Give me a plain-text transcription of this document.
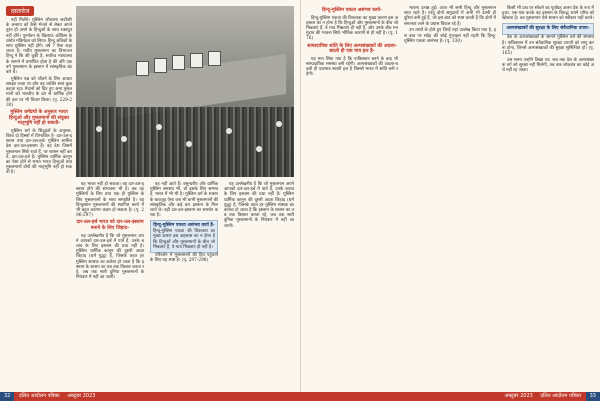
दस्तावेज

नहीं मिलेंगे। मुस्लिम जीवात्मा सर्वोपरि के अन्याय को कैसे भेजते से लेकर अपने तुरंत ही उसने के हिन्दुओं के साथ रक्तपूत नहीं होंगे। पुनर्गठन के खिलाफ ऑफिस के धर्मांत मंत्रिमंडल को लिया। हिन्दू अविकों के साथ मुस्लिम नहीं होंगे। वर्ष ? ऐसा कहा जाता है। गर्वीय मुसलमान का विभाजन हिन्दू ने कि की चुकी है, सर्वोच्च न्यायालय के सामने में प्रमाणित होता है की उनि एक वर्ग मुसलमान के इस्लाम में सांस्कृतिक बंटवारे थे।

मुस्लिम पक्ष को जीतने के लिए आधार समझा जाता था और वह व्यक्ति स्वयं कुछ कहता रहा। मैदानों को दिए हुए अन्य मुसलमानों को भारतीय के ढंग से धार्मिक होने की हक पर भी विचार किया। (पृ. 229-230)

मुस्लिम धर्मग्रंथों के अनुसार भारत हिन्दुओं और मुसलमानों की संयुक्त मातृभूमि नहीं हो सकती-

मुस्लिम धर्म के सिद्धांतों के अनुसार, विश्व दो हिस्सों में विभाजित है- दार-उल-इस्लाम तथा दार-उल-हर्ब। मुस्लिम शासित देश दार-उल-इस्लाम हैं। वह देश जिसमें मुसलमान सिर्फ रहते हैं, पर शासन नहीं करते, दार-उल-हर्ब है। मुस्लिम धार्मिक कानून का ऐसा होने से भारत भारत हिन्दुओं तथा मुसलमानों दोनों की मातृभूमि नहीं हो सकती है।

वह भारत नहीं हो सकता। वह दार-उल-इस्लाम होने की संभावना भी है। तब वह मुस्लिमों के लिए तथा एक ही मुस्लिम के लिए मुसलमानों के साथ समझौते है। वह हिन्दुस्तान मुसलमानों की स्थापित करने में भी बहुत कारगर कदम हो सकता है। (पृ. 296-297)

दार-उल-हर्ब भारत को दार-उल-इस्लाम बनाने के लिए जिहाद-

यह उल्लेखनीय है कि जो मुसलमान अपने आपको दार-उल-हर्ब में पाते हैं, उनके बचाव के लिए इस्लाम की प्रथा नहीं है। मुस्लिम धार्मिक कानून की दूसरी आज्ञा जिहाद (धर्म युद्ध) है, जिसके तहत हर मुस्लिम शासक का कर्तव्य हो जाता है कि इस्लाम के शासन का तब तक विस्तार करता रहे, जब तक सारी दुनिया मुसलमानों के नियंत्रण में नहीं आ जाती।

वह नहीं आते हैं। वसुन्धरीय और धार्मिक मुस्लिम समस्या भी, तो इसके लिए सम्भव है, भारत में भी भी है। मुस्लिम धर्म के शासन के बावजूद ऐसा जब भी कभी मुसलमानों की सांस्कृतिक और कई बार इस्लाम के मिल जाते थे। वही दार-उल-इस्लाम का समर्थन करता है।

हिन्दू-मुस्लिम एकता असंभव कार्य है-
हिन्दू-मुस्लिम एकता की विफलता का मुख्य कारण इस अहसास का न होना है कि हिन्दुओं और मुसलमानों के बीच जो भिन्नताएं हैं, वे मात्र भिन्नताएं ही नहीं हैं।

परिवर्तन में मुसलमानों की हित पहुंचाने के लिए यह स्पष्ट है। (पृ. 297-298)

यह उल्लेखनीय है कि जो मुसलमान अपने आपको दार-उल-हर्ब में पाते हैं, उनके बचाव के लिए इस्लाम की प्रथा नहीं है। मुस्लिम धार्मिक कानून की दूसरी आज्ञा जिहाद (धर्म युद्ध) है, जिसके तहत हर मुस्लिम शासक का कर्तव्य हो जाता है कि इस्लाम के शासन का तब तक विस्तार करता रहे, जब तक सारी दुनिया मुसलमानों के नियंत्रण में नहीं आ जाती।

32 दलित आंदोलन पत्रिका अक्टूबर 2023
हिन्दू-मुस्लिम एकता असंभव कार्य-

हिन्दू-मुस्लिम एकता की विफलता का मुख्य कारण इस अहसास का न होना है कि हिन्दुओं और मुसलमानों के बीच जो भिन्नताएं हैं, वे मात्र भिन्नताएं ही नहीं हैं, और उनके बीच मनमुटाव की भावना सिर्फ भौतिक कारणों से ही नहीं है। (पृ. 176)

साम्प्रदायिक शांति के लिए अल्पसंख्यकों की अदला-बदली ही एक मात्र हल है-

यह मान लिया गया है कि पाकिस्तान बनने के बाद भी साम्प्रदायिक समस्या बनी रहेगी। अल्पसंख्यकों की अदला-बदली ही एकमात्र स्थायी हल है जिससे भारत में शांति बनी रहेगी।

भावना उत्पन्न हुई। आज भी सभी हिन्दू और मुसलमान साथ रहते हैं। परंतु दोनों समुदायों में अभी भी उतनी ही दूरियां बनी हुई हैं, जो इस बात को स्पष्ट करती हैं कि दोनों में समानता लाने के प्रयास विफल रहे हैं।

उन तथ्यों के होते हुए जिन्हें यहां उल्लेख किया गया है, इस बात पर संदेह की कोई गुंजाइश नहीं रहती कि हिन्दू-मुस्लिम एकता असंभव है। (पृ. 330)

किसी भी प्रश्न पर सोचने का पूर्वाग्रह अलग देश के रूप में हुआ, एक-एक करके वह इस्लाम के विरुद्ध अपने चरित्र को खोलता है। तब मुसलमान ऐसे शासन को स्वीकार नहीं करते।

अल्पसंख्यकों की सुरक्षा के लिए संवैधानिक उपाय-

देश के अल्पसंख्यकों के सामने मुस्लिम धर्म की समस्या है। पाकिस्तान में उन संवैधानिक सुरक्षा उपायों को लागू करना होगा, जिनसे अल्पसंख्यकों की सुरक्षा सुनिश्चित हो। (पृ. 165)

उस समय उन्होंने लिखा था। जब तक देश के अल्पसंख्यक वर्ग को सुरक्षा नहीं मिलेगी, तब तक लोकतंत्र का कोई अर्थ नहीं रह जाता।

अक्टूबर 2023 दलित आंदोलन पत्रिका 33
